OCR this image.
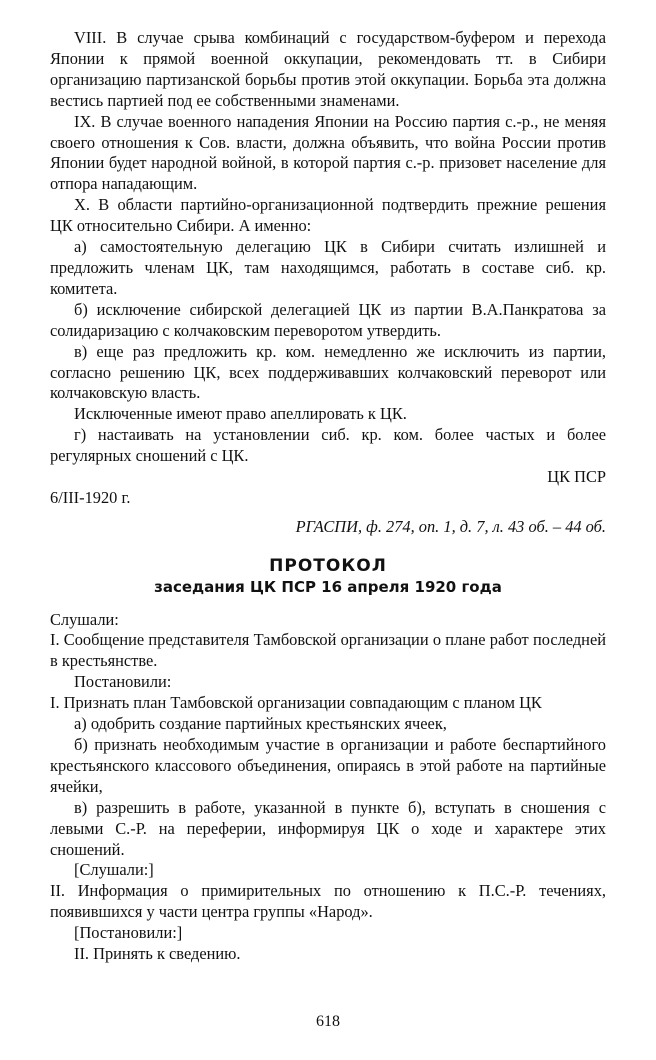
VIII. В случае срыва комбинаций с государством-буфером и перехода Японии к прямой военной оккупации, рекомендовать тт. в Сибири организацию партизанской борьбы против этой оккупации. Борьба эта должна вестись партией под ее собственными знаменами.

IX. В случае военного нападения Японии на Россию партия с.-р., не меняя своего отношения к Сов. власти, должна объявить, что война России против Японии будет народной войной, в которой партия с.-р. призовет население для отпора нападающим.

X. В области партийно-организационной подтвердить прежние решения ЦК относительно Сибири. А именно:

а) самостоятельную делегацию ЦК в Сибири считать излишней и предложить членам ЦК, там находящимся, работать в составе сиб. кр. комитета.

б) исключение сибирской делегацией ЦК из партии В.А.Панкратова за солидаризацию с колчаковским переворотом утвердить.

в) еще раз предложить кр. ком. немедленно же исключить из партии, согласно решению ЦК, всех поддерживавших колчаковский переворот или колчаковскую власть.

Исключенные имеют право апеллировать к ЦК.

г) настаивать на установлении сиб. кр. ком. более частых и более регулярных сношений с ЦК.

ЦК ПСР

6/III-1920 г.

РГАСПИ, ф. 274, оп. 1, д. 7, л. 43 об. – 44 об.

ПРОТОКОЛ
заседания ЦК ПСР 16 апреля 1920 года

Слушали:

I. Сообщение представителя Тамбовской организации о плане работ последней в крестьянстве.

Постановили:

I. Признать план Тамбовской организации совпадающим с планом ЦК

а) одобрить создание партийных крестьянских ячеек,

б) признать необходимым участие в организации и работе беспартийного крестьянского классового объединения, опираясь в этой работе на партийные ячейки,

в) разрешить в работе, указанной в пункте б), вступать в сношения с левыми С.-Р. на переферии, информируя ЦК о ходе и характере этих сношений.

[Слушали:]

II. Информация о примирительных по отношению к П.С.-Р. течениях, появившихся у части центра группы «Народ».

[Постановили:]

II. Принять к сведению.

618
